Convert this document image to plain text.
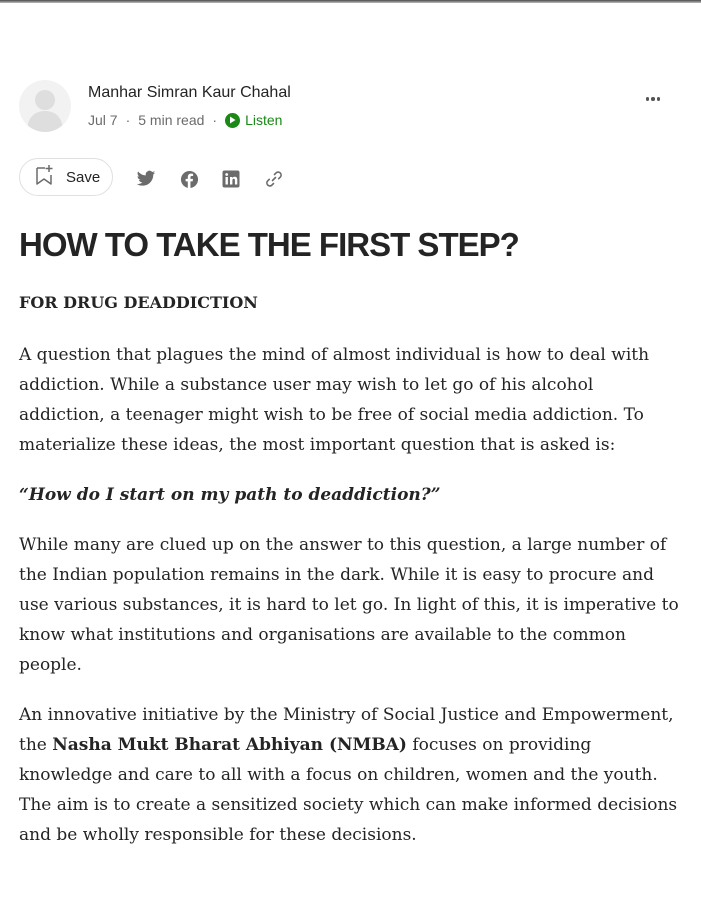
Manhar Simran Kaur Chahal
Jul 7 · 5 min read · Listen
Save
HOW TO TAKE THE FIRST STEP?

FOR DRUG DEADDICTION

A question that plagues the mind of almost individual is how to deal with addiction. While a substance user may wish to let go of his alcohol addiction, a teenager might wish to be free of social media addiction. To materialize these ideas, the most important question that is asked is:

“How do I start on my path to deaddiction?”

While many are clued up on the answer to this question, a large number of the Indian population remains in the dark. While it is easy to procure and use various substances, it is hard to let go. In light of this, it is imperative to know what institutions and organisations are available to the common people.

An innovative initiative by the Ministry of Social Justice and Empowerment, the Nasha Mukt Bharat Abhiyan (NMBA) focuses on providing knowledge and care to all with a focus on children, women and the youth. The aim is to create a sensitized society which can make informed decisions and be wholly responsible for these decisions.
